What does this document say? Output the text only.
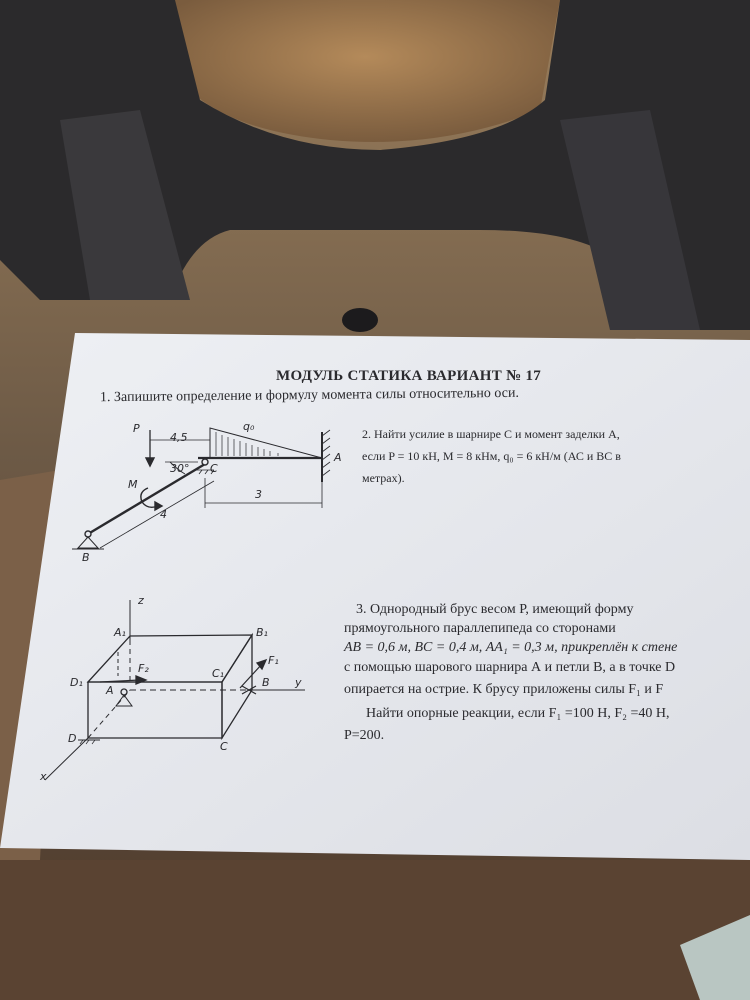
P	q₀
4,5
30° C
A
M
4
3
B
z
A₁	B₁
F₂	C₁
F₁
D₁
A
B y
D
C
x
МОДУЛЬ СТАТИКА ВАРИАНТ № 17
1. Запишите определение и формулу момента силы относительно оси.
2. Найти усилие в шарнире С и момент заделки А,
если P = 10 кН, M = 8 кНм, q₀ = 6 кН/м (АС и ВС в
метрах).
3. Однородный брус весом P, имеющий форму
прямоугольного параллепипеда со сторонами
AB = 0,6 м, BC = 0,4 м, AA₁ = 0,3 м, прикреплён к стене
с помощью шарового шарнира А и петли В, а в точке D
опирается на острие. К брусу приложены силы F₁ и F
Найти опорные реакции, если F₁ =100 Н, F₂ =40 Н,
P=200.
